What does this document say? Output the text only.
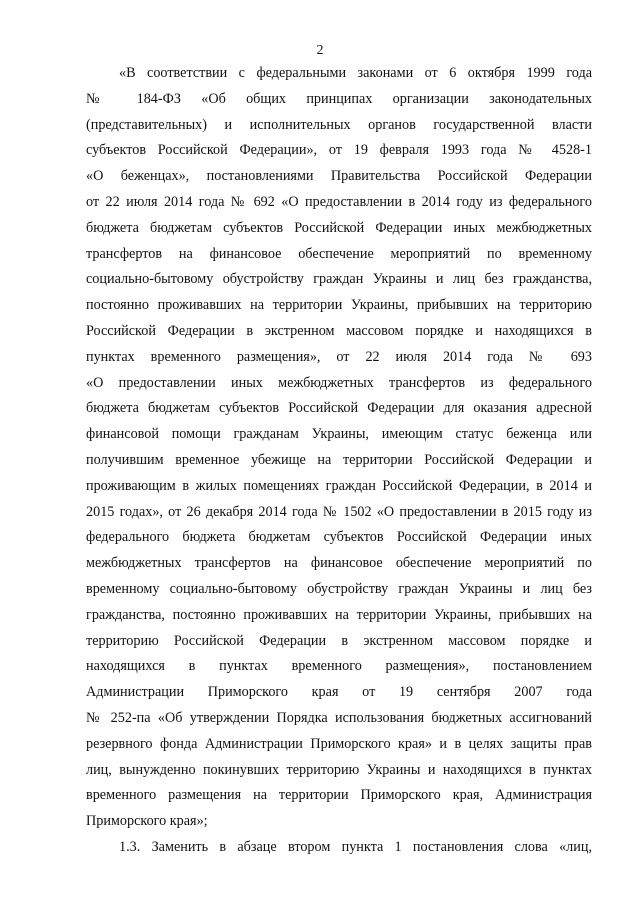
2
«В соответствии с федеральными законами от 6 октября 1999 года
№ 184-ФЗ «Об общих принципах организации законодательных
(представительных) и исполнительных органов государственной власти
субъектов Российской Федерации», от 19 февраля 1993 года № 4528-1
«О беженцах», постановлениями Правительства Российской Федерации
от 22 июля 2014 года № 692 «О предоставлении в 2014 году из федерального
бюджета бюджетам субъектов Российской Федерации иных межбюджетных
трансфертов на финансовое обеспечение мероприятий по временному
социально-бытовому обустройству граждан Украины и лиц без гражданства,
постоянно проживавших на территории Украины, прибывших на территорию
Российской Федерации в экстренном массовом порядке и находящихся в
пунктах временного размещения», от 22 июля 2014 года № 693
«О предоставлении иных межбюджетных трансфертов из федерального
бюджета бюджетам субъектов Российской Федерации для оказания адресной
финансовой помощи гражданам Украины, имеющим статус беженца или
получившим временное убежище на территории Российской Федерации и
проживающим в жилых помещениях граждан Российской Федерации, в 2014 и
2015 годах», от 26 декабря 2014 года № 1502 «О предоставлении в 2015 году из
федерального бюджета бюджетам субъектов Российской Федерации иных
межбюджетных трансфертов на финансовое обеспечение мероприятий по
временному социально-бытовому обустройству граждан Украины и лиц без
гражданства, постоянно проживавших на территории Украины, прибывших на
территорию Российской Федерации в экстренном массовом порядке и
находящихся в пунктах временного размещения», постановлением
Администрации Приморского края от 19 сентября 2007 года
№ 252-па «Об утверждении Порядка использования бюджетных ассигнований
резервного фонда Администрации Приморского края» и в целях защиты прав
лиц, вынужденно покинувших территорию Украины и находящихся в пунктах
временного размещения на территории Приморского края, Администрация
Приморского края»;
1.3. Заменить в абзаце втором пункта 1 постановления слова «лиц,
